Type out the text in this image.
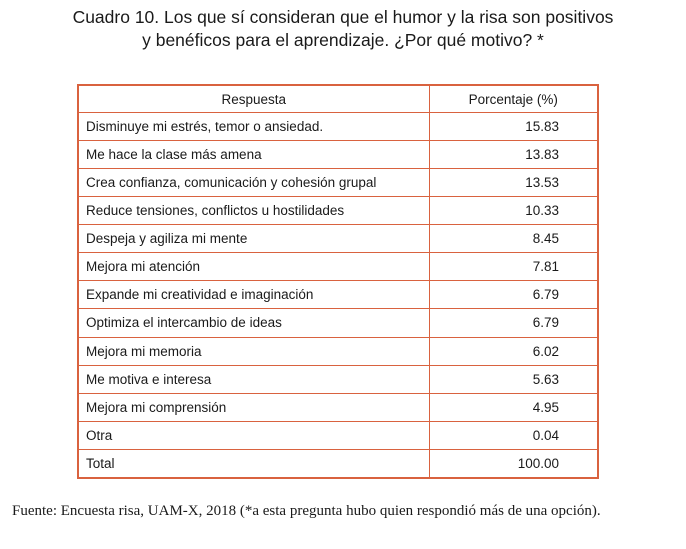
Cuadro 10. Los que sí consideran que el humor y la risa son positivos
y benéficos para el aprendizaje. ¿Por qué motivo? *
Respuesta	Porcentaje (%)
Disminuye mi estrés, temor o ansiedad.	15.83
Me hace la clase más amena	13.83
Crea confianza, comunicación y cohesión grupal	13.53
Reduce tensiones, conflictos u hostilidades	10.33
Despeja y agiliza mi mente	8.45
Mejora mi atención	7.81
Expande mi creatividad e imaginación	6.79
Optimiza el intercambio de ideas	6.79
Mejora mi memoria	6.02
Me motiva e interesa	5.63
Mejora mi comprensión	4.95
Otra	0.04
Total	100.00
Fuente: Encuesta risa, UAM-X, 2018 (*a esta pregunta hubo quien respondió más de una opción).
